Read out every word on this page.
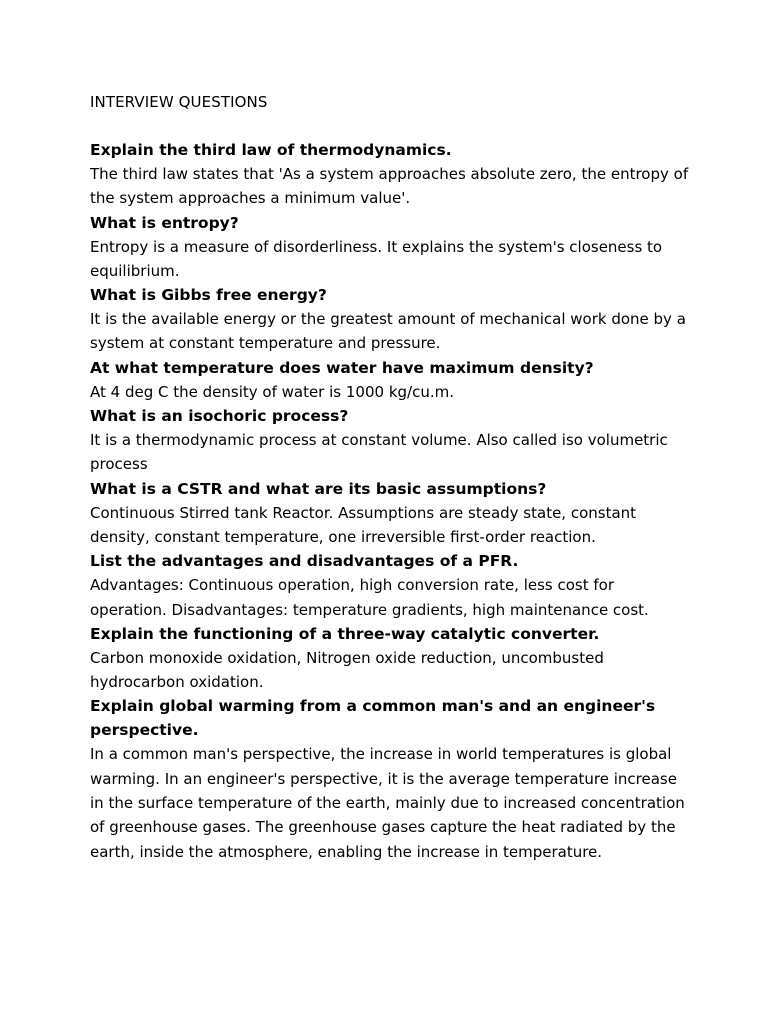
INTERVIEW QUESTIONS

Explain the third law of thermodynamics.

The third law states that 'As a system approaches absolute zero, the entropy of the system approaches a minimum value'.

What is entropy?

Entropy is a measure of disorderliness. It explains the system's closeness to equilibrium.

What is Gibbs free energy?

It is the available energy or the greatest amount of mechanical work done by a system at constant temperature and pressure.

At what temperature does water have maximum density?

At 4 deg C the density of water is 1000 kg/cu.m.

What is an isochoric process?

It is a thermodynamic process at constant volume. Also called iso volumetric process

What is a CSTR and what are its basic assumptions?

Continuous Stirred tank Reactor. Assumptions are steady state, constant density, constant temperature, one irreversible first-order reaction.

List the advantages and disadvantages of a PFR.

Advantages: Continuous operation, high conversion rate, less cost for operation. Disadvantages: temperature gradients, high maintenance cost.

Explain the functioning of a three-way catalytic converter.

Carbon monoxide oxidation, Nitrogen oxide reduction, uncombusted hydrocarbon oxidation.

Explain global warming from a common man's and an engineer's perspective.

In a common man's perspective, the increase in world temperatures is global warming. In an engineer's perspective, it is the average temperature increase in the surface temperature of the earth, mainly due to increased concentration of greenhouse gases. The greenhouse gases capture the heat radiated by the earth, inside the atmosphere, enabling the increase in temperature.
